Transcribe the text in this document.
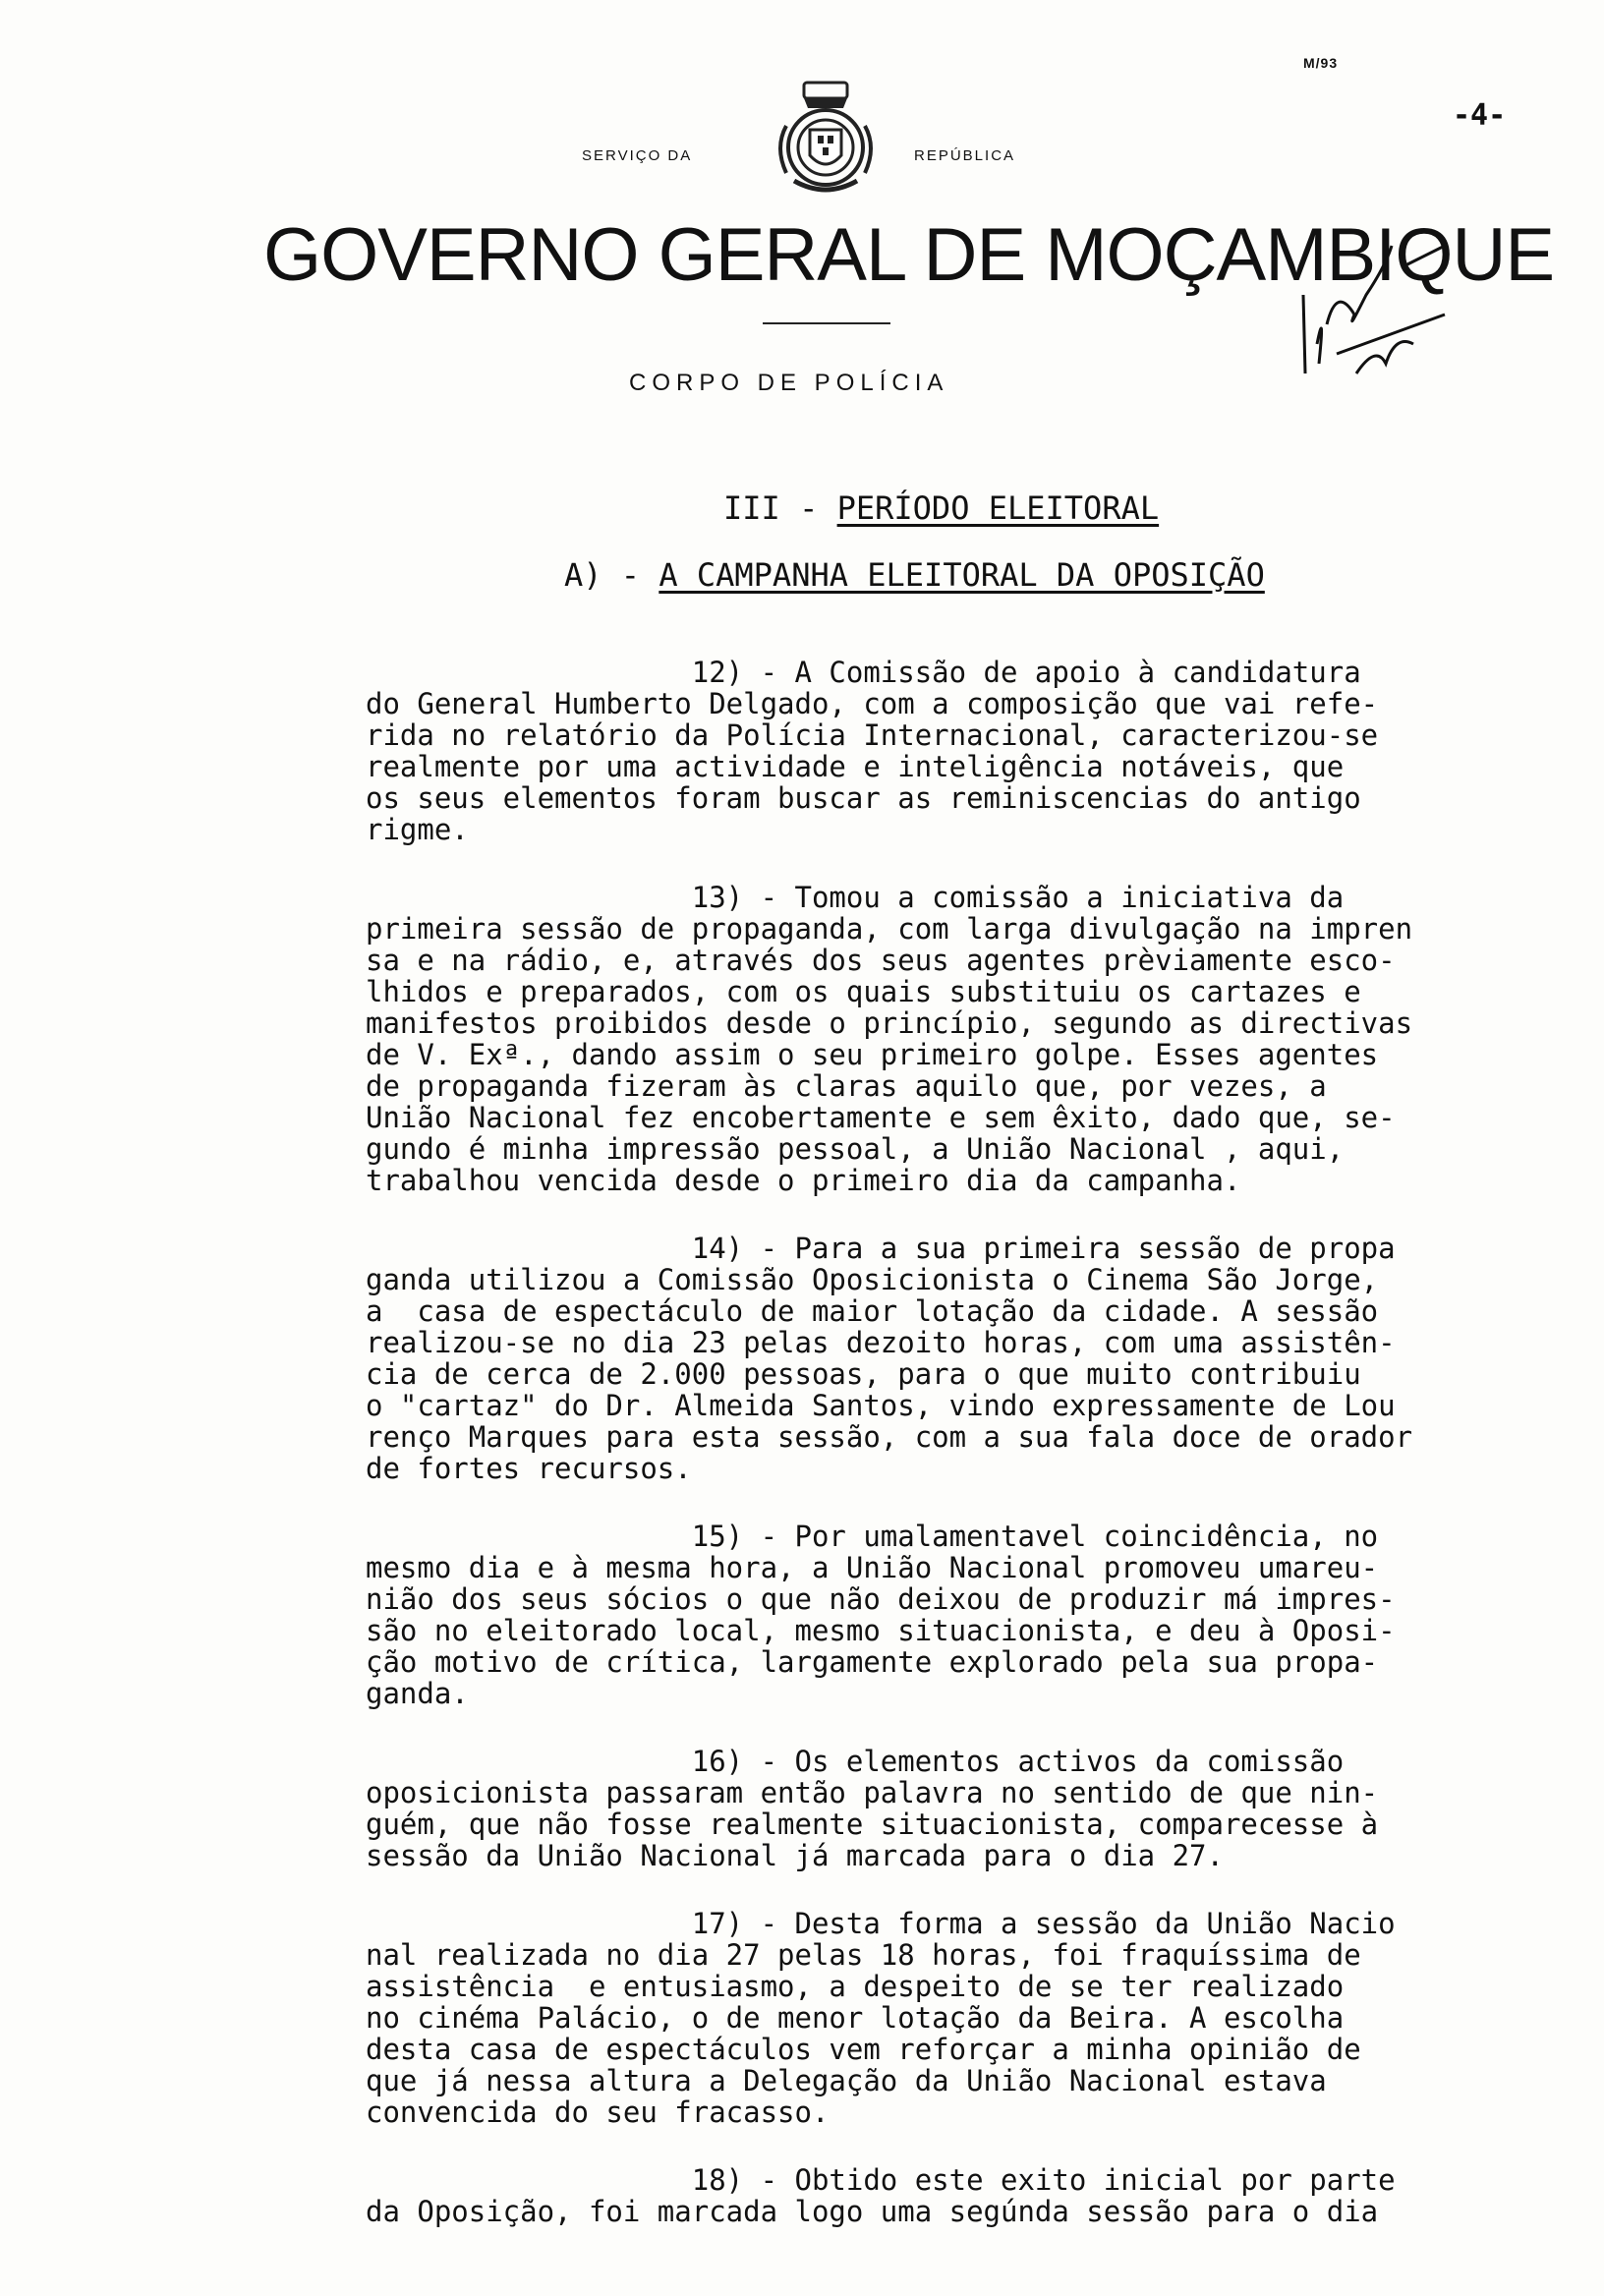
M/93
-4-
SERVIÇO DA	REPÚBLICA
GOVERNO GERAL DE MOÇAMBIQUE
CORPO DE POLÍCIA
III - PERÍODO ELEITORAL
A) - A CAMPANHA ELEITORAL DA OPOSIÇÃO
12) - A Comissão de apoio à candidatura
do General Humberto Delgado, com a composição que vai refe-
rida no relatório da Polícia Internacional, caracterizou-se
realmente por uma actividade e inteligência notáveis, que
os seus elementos foram buscar as reminiscencias do antigo
rigme.
13) - Tomou a comissão a iniciativa da
primeira sessão de propaganda, com larga divulgação na impren
sa e na rádio, e, através dos seus agentes prèviamente esco-
lhidos e preparados, com os quais substituiu os cartazes e
manifestos proibidos desde o princípio, segundo as directivas
de V. Exª., dando assim o seu primeiro golpe. Esses agentes
de propaganda fizeram às claras aquilo que, por vezes, a
União Nacional fez encobertamente e sem êxito, dado que, se-
gundo é minha impressão pessoal, a União Nacional , aqui,
trabalhou vencida desde o primeiro dia da campanha.
14) - Para a sua primeira sessão de propa
ganda utilizou a Comissão Oposicionista o Cinema São Jorge,
a  casa de espectáculo de maior lotação da cidade. A sessão
realizou-se no dia 23 pelas dezoito horas, com uma assistên-
cia de cerca de 2.000 pessoas, para o que muito contribuiu
o "cartaz" do Dr. Almeida Santos, vindo expressamente de Lou
renço Marques para esta sessão, com a sua fala doce de orador
de fortes recursos.
15) - Por umalamentavel coincidência, no
mesmo dia e à mesma hora, a União Nacional promoveu umareu-
nião dos seus sócios o que não deixou de produzir má impres-
são no eleitorado local, mesmo situacionista, e deu à Oposi-
ção motivo de crítica, largamente explorado pela sua propa-
ganda.
16) - Os elementos activos da comissão
oposicionista passaram então palavra no sentido de que nin-
guém, que não fosse realmente situacionista, comparecesse à
sessão da União Nacional já marcada para o dia 27.
17) - Desta forma a sessão da União Nacio
nal realizada no dia 27 pelas 18 horas, foi fraquíssima de
assistência  e entusiasmo, a despeito de se ter realizado
no cinéma Palácio, o de menor lotação da Beira. A escolha
desta casa de espectáculos vem reforçar a minha opinião de
que já nessa altura a Delegação da União Nacional estava
convencida do seu fracasso.
18) - Obtido este exito inicial por parte
da Oposição, foi marcada logo uma segúnda sessão para o dia
